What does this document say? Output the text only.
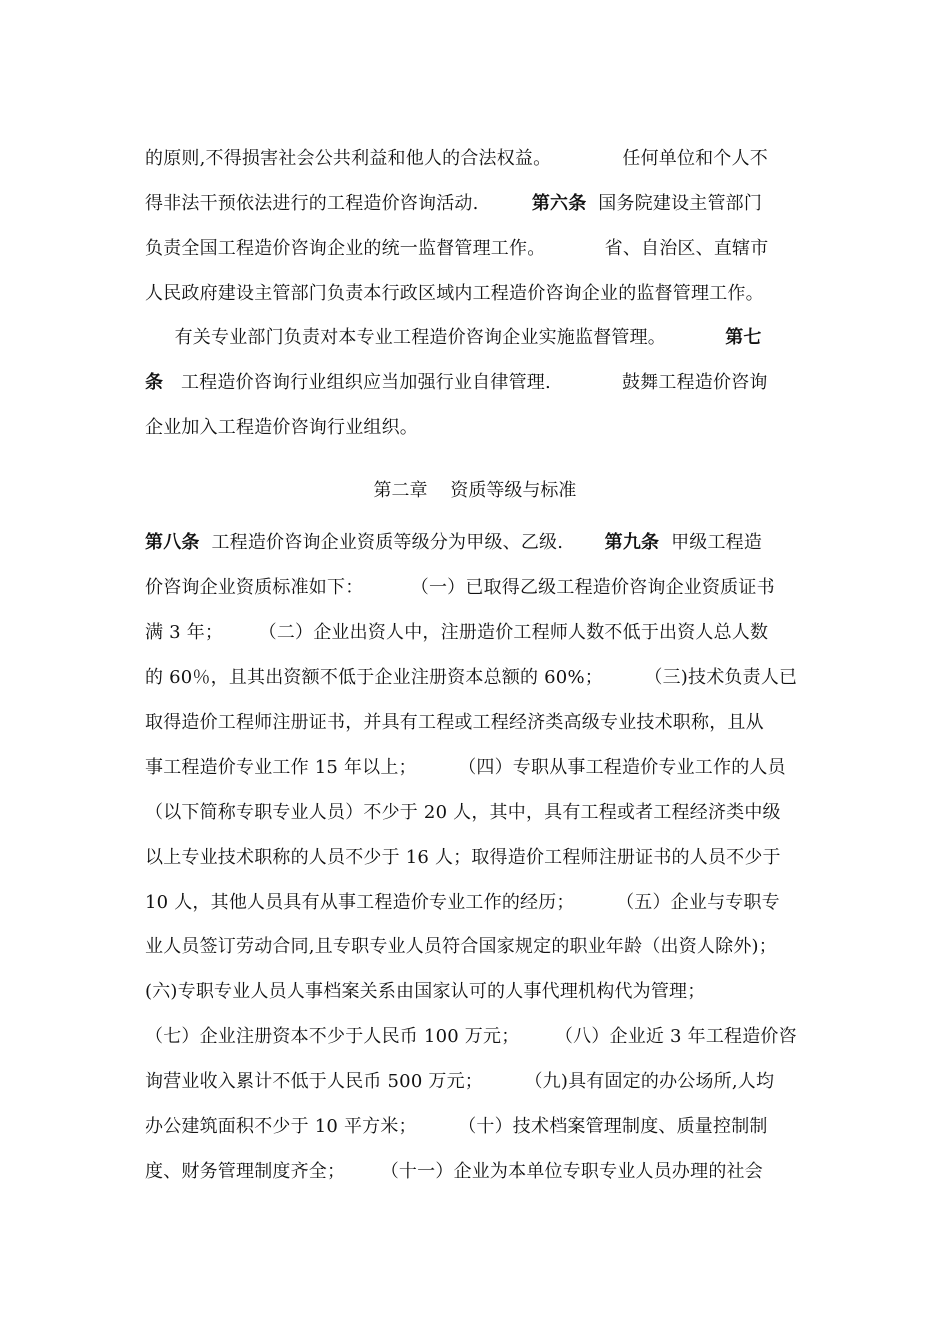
的原则,不得损害社会公共利益和他人的合法权益。            任何单位和个人不
得非法干预依法进行的工程造价咨询活动.         第六条  国务院建设主管部门
负责全国工程造价咨询企业的统一监督管理工作。          省、自治区、直辖市
人民政府建设主管部门负责本行政区域内工程造价咨询企业的监督管理工作。
有关专业部门负责对本专业工程造价咨询企业实施监督管理。          第七
条   工程造价咨询行业组织应当加强行业自律管理.            鼓舞工程造价咨询
企业加入工程造价咨询行业组织。
第二章    资质等级与标准
第八条  工程造价咨询企业资质等级分为甲级、乙级.       第九条  甲级工程造
价咨询企业资质标准如下：        （一）已取得乙级工程造价咨询企业资质证书
满 3 年；      （二）企业出资人中，注册造价工程师人数不低于出资人总人数
的 60％，且其出资额不低于企业注册资本总额的 60%；       （三)技术负责人已
取得造价工程师注册证书，并具有工程或工程经济类高级专业技术职称，且从
事工程造价专业工作 15 年以上；       （四）专职从事工程造价专业工作的人员
（以下简称专职专业人员）不少于 20 人，其中，具有工程或者工程经济类中级
以上专业技术职称的人员不少于 16 人；取得造价工程师注册证书的人员不少于
10 人，其他人员具有从事工程造价专业工作的经历；       （五）企业与专职专
业人员签订劳动合同,且专职专业人员符合国家规定的职业年龄（出资人除外)；
(六)专职专业人员人事档案关系由国家认可的人事代理机构代为管理；
（七）企业注册资本不少于人民币 100 万元；      （八）企业近 3 年工程造价咨
询营业收入累计不低于人民币 500 万元；       （九)具有固定的办公场所,人均
办公建筑面积不少于 10 平方米；       （十）技术档案管理制度、质量控制制
度、财务管理制度齐全；      （十一）企业为本单位专职专业人员办理的社会
